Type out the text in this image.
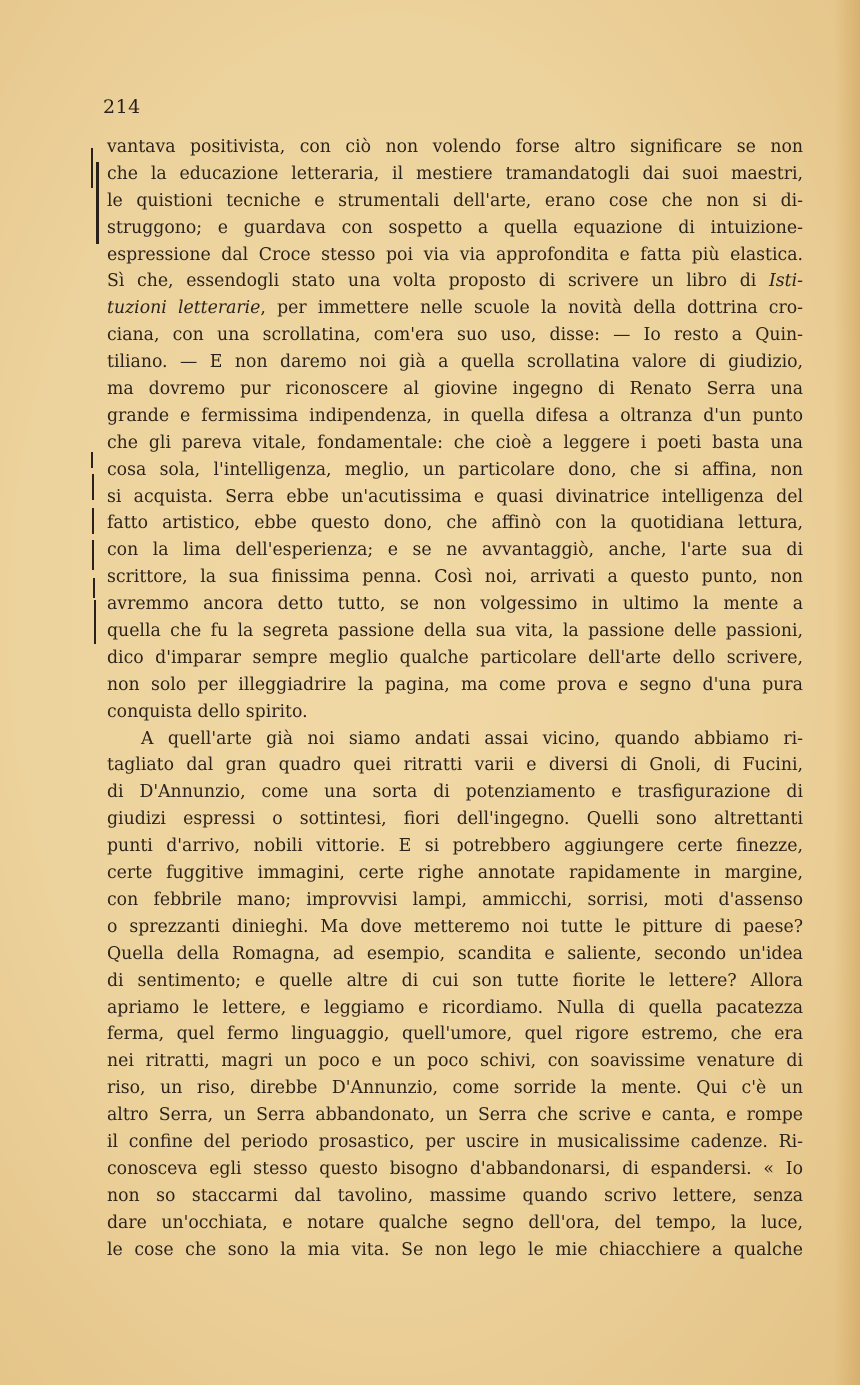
214
vantava positivista, con ciò non volendo forse altro significare se non
che la educazione letteraria, il mestiere tramandatogli dai suoi maestri,
le quistioni tecniche e strumentali dell'arte, erano cose che non si di-
struggono; e guardava con sospetto a quella equazione di intuizione-
espressione dal Croce stesso poi via via approfondita e fatta più elastica.
Sì che, essendogli stato una volta proposto di scrivere un libro di Isti-
tuzioni letterarie, per immettere nelle scuole la novità della dottrina cro-
ciana, con una scrollatina, com'era suo uso, disse: — Io resto a Quin-
tiliano. — E non daremo noi già a quella scrollatina valore di giudizio,
ma dovremo pur riconoscere al giovine ingegno di Renato Serra una
grande e fermissima indipendenza, in quella difesa a oltranza d'un punto
che gli pareva vitale, fondamentale: che cioè a leggere i poeti basta una
cosa sola, l'intelligenza, meglio, un particolare dono, che si affina, non
si acquista. Serra ebbe un'acutissima e quasi divinatrice intelligenza del
fatto artistico, ebbe questo dono, che affinò con la quotidiana lettura,
con la lima dell'esperienza; e se ne avvantaggiò, anche, l'arte sua di
scrittore, la sua finissima penna. Così noi, arrivati a questo punto, non
avremmo ancora detto tutto, se non volgessimo in ultimo la mente a
quella che fu la segreta passione della sua vita, la passione delle passioni,
dico d'imparar sempre meglio qualche particolare dell'arte dello scrivere,
non solo per illeggiadrire la pagina, ma come prova e segno d'una pura
conquista dello spirito.
A quell'arte già noi siamo andati assai vicino, quando abbiamo ri-
tagliato dal gran quadro quei ritratti varii e diversi di Gnoli, di Fucini,
di D'Annunzio, come una sorta di potenziamento e trasfigurazione di
giudizi espressi o sottintesi, fiori dell'ingegno. Quelli sono altrettanti
punti d'arrivo, nobili vittorie. E si potrebbero aggiungere certe finezze,
certe fuggitive immagini, certe righe annotate rapidamente in margine,
con febbrile mano; improvvisi lampi, ammicchi, sorrisi, moti d'assenso
o sprezzanti dinieghi. Ma dove metteremo noi tutte le pitture di paese?
Quella della Romagna, ad esempio, scandita e saliente, secondo un'idea
di sentimento; e quelle altre di cui son tutte fiorite le lettere? Allora
apriamo le lettere, e leggiamo e ricordiamo. Nulla di quella pacatezza
ferma, quel fermo linguaggio, quell'umore, quel rigore estremo, che era
nei ritratti, magri un poco e un poco schivi, con soavissime venature di
riso, un riso, direbbe D'Annunzio, come sorride la mente. Qui c'è un
altro Serra, un Serra abbandonato, un Serra che scrive e canta, e rompe
il confine del periodo prosastico, per uscire in musicalissime cadenze. Ri-
conosceva egli stesso questo bisogno d'abbandonarsi, di espandersi. « Io
non so staccarmi dal tavolino, massime quando scrivo lettere, senza
dare un'occhiata, e notare qualche segno dell'ora, del tempo, la luce,
le cose che sono la mia vita. Se non lego le mie chiacchiere a qualche
